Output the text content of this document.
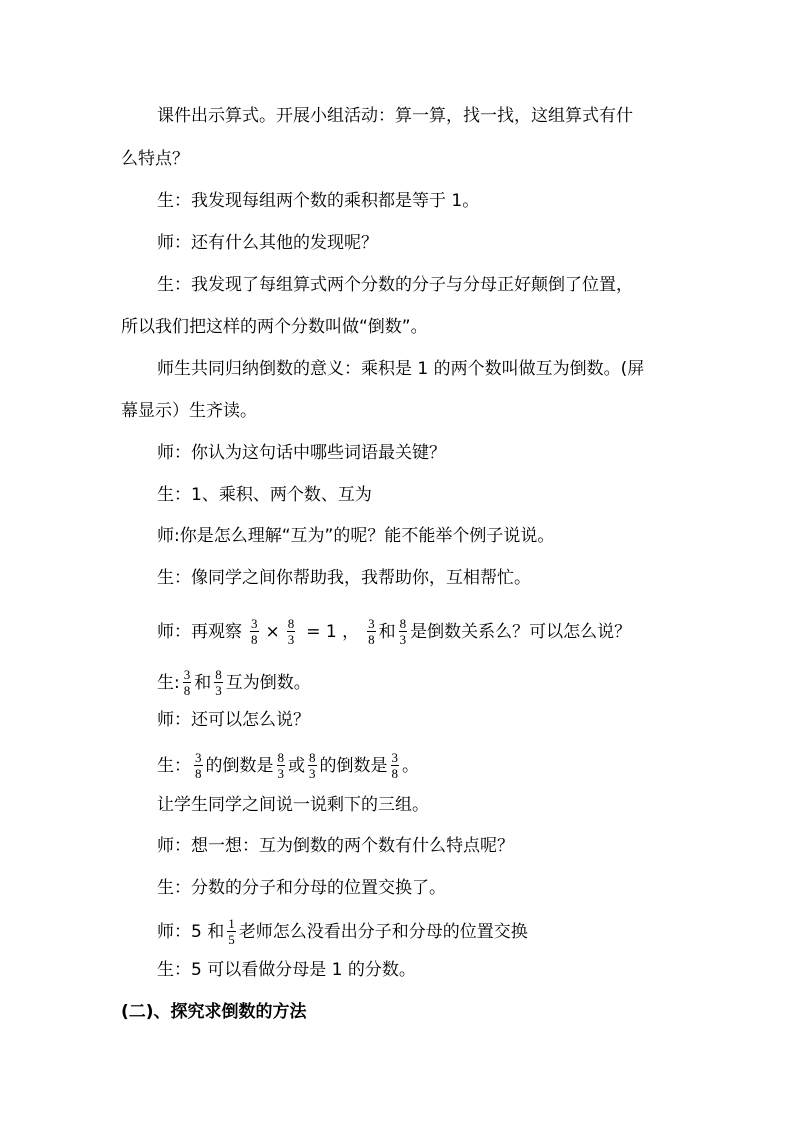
课件出示算式。开展小组活动：算一算，找一找，这组算式有什
么特点？
生：我发现每组两个数的乘积都是等于 1。
师：还有什么其他的发现呢？
生：我发现了每组算式两个分数的分子与分母正好颠倒了位置，
所以我们把这样的两个分数叫做“倒数”。
师生共同归纳倒数的意义：乘积是 1 的两个数叫做互为倒数。(屏
幕显示）生齐读。
师：你认为这句话中哪些词语最关键？
生：1、乘积、两个数、互为
师:你是怎么理解“互为”的呢？能不能举个例子说说。
生：像同学之间你帮助我，我帮助你，互相帮忙。
师：再观察 $\frac{3}{8} \times \frac{8}{3} = 1$ ， $\frac{3}{8}$ 和 $\frac{8}{3}$ 是倒数关系么？可以怎么说？
生: $\frac{3}{8}$ 和 $\frac{8}{3}$ 互为倒数。
师：还可以怎么说？
生： $\frac{3}{8}$ 的倒数是 $\frac{8}{3}$ 或 $\frac{8}{3}$ 的倒数是 $\frac{3}{8}$ 。
让学生同学之间说一说剩下的三组。
师：想一想：互为倒数的两个数有什么特点呢？
生：分数的分子和分母的位置交换了。
师：5 和 $\frac{1}{5}$ 老师怎么没看出分子和分母的位置交换
生：5 可以看做分母是 1 的分数。
(二)、探究求倒数的方法
